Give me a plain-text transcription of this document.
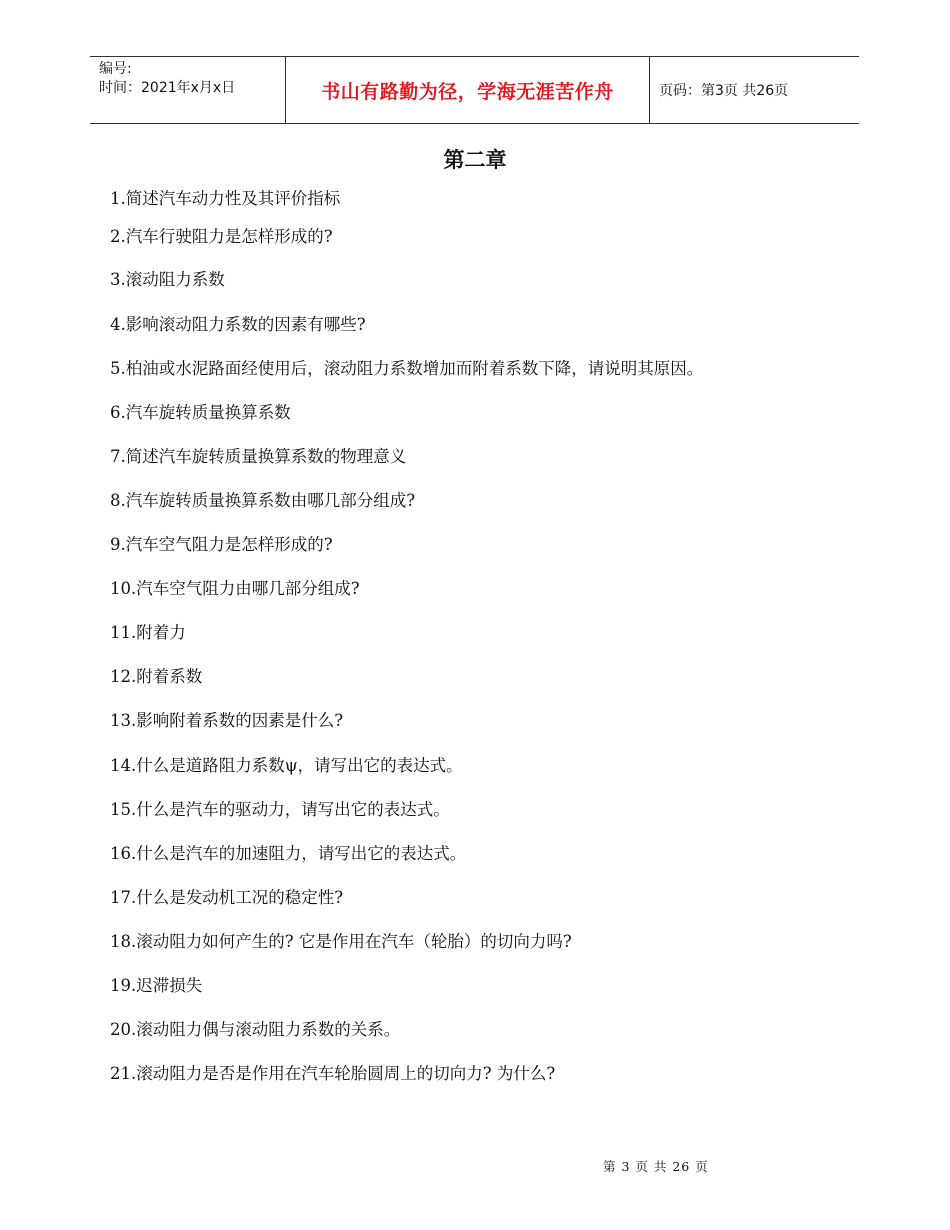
编号:
时间：2021年x月x日	书山有路勤为径，学海无涯苦作舟	页码：第3页 共26页
第二章
1.简述汽车动力性及其评价指标
2.汽车行驶阻力是怎样形成的?
3.滚动阻力系数
4.影响滚动阻力系数的因素有哪些?
5.柏油或水泥路面经使用后，滚动阻力系数增加而附着系数下降，请说明其原因。
6.汽车旋转质量换算系数
7.简述汽车旋转质量换算系数的物理意义
8.汽车旋转质量换算系数由哪几部分组成?
9.汽车空气阻力是怎样形成的?
10.汽车空气阻力由哪几部分组成?
11.附着力
12.附着系数
13.影响附着系数的因素是什么?
14.什么是道路阻力系数ψ，请写出它的表达式。
15.什么是汽车的驱动力，请写出它的表达式。
16.什么是汽车的加速阻力，请写出它的表达式。
17.什么是发动机工况的稳定性?
18.滚动阻力如何产生的? 它是作用在汽车（轮胎）的切向力吗?
19.迟滞损失
20.滚动阻力偶与滚动阻力系数的关系。
21.滚动阻力是否是作用在汽车轮胎圆周上的切向力? 为什么?
第 3 页 共 26 页
